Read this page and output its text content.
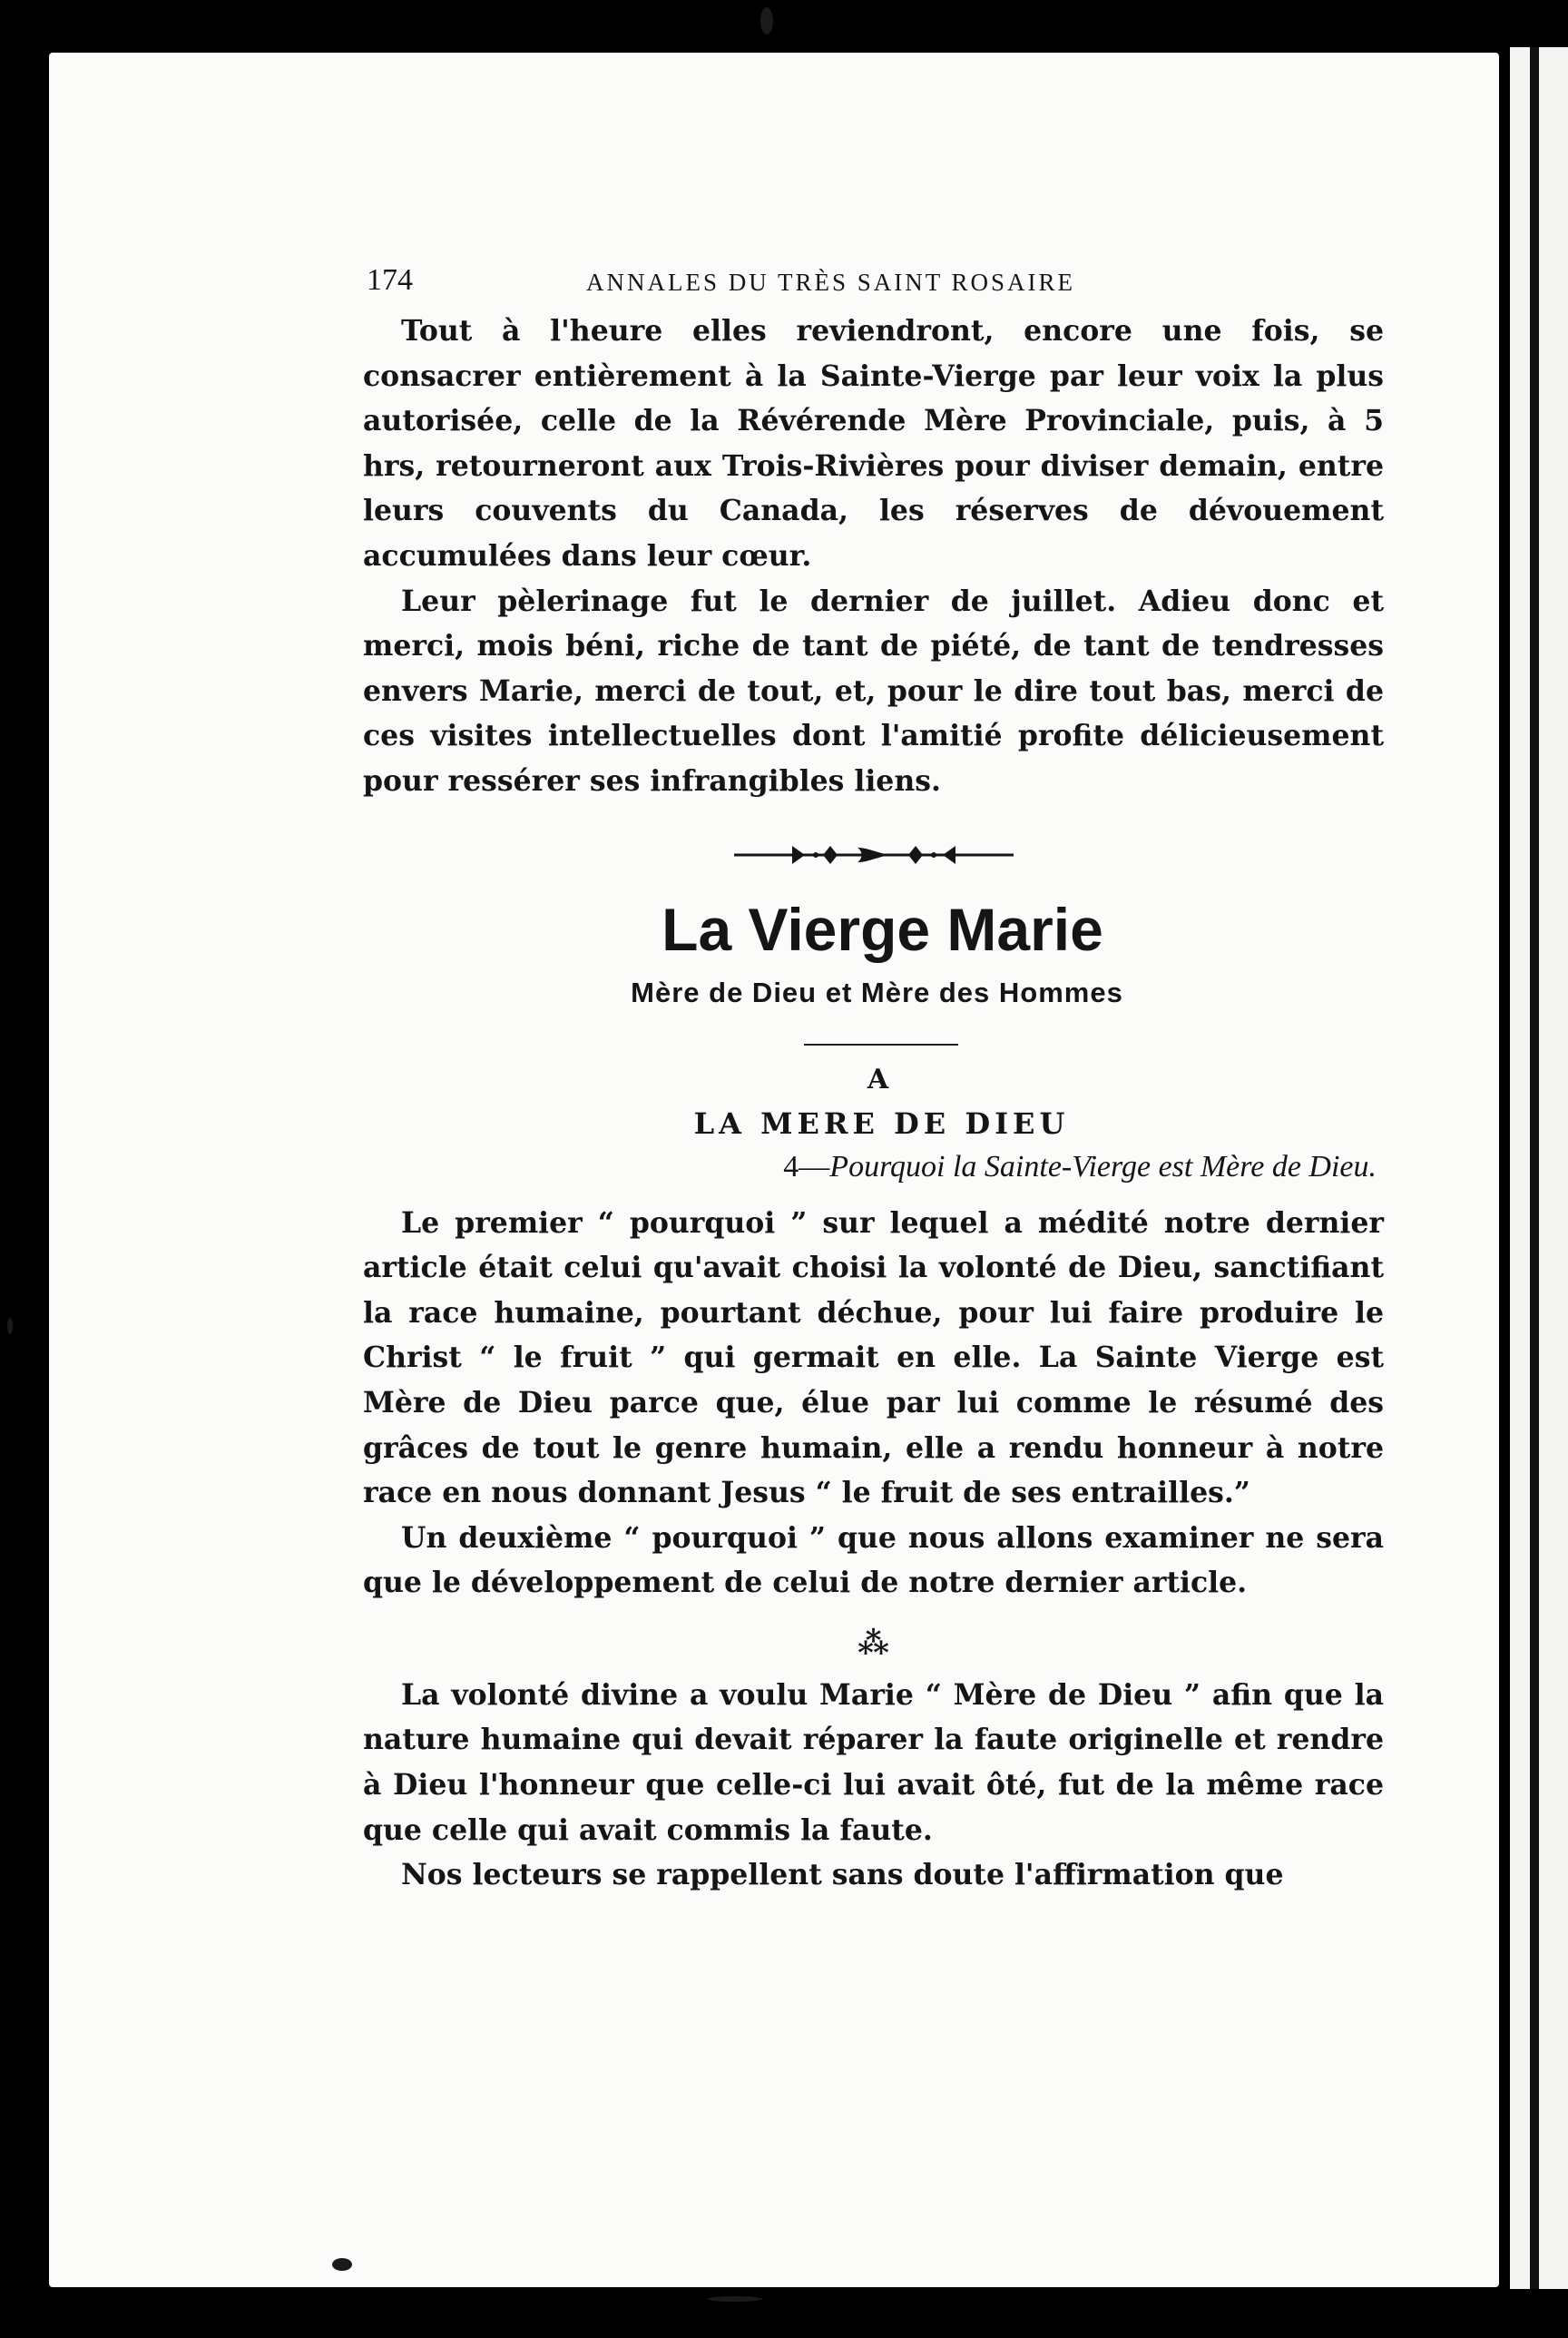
174	ANNALES DU TRÈS SAINT ROSAIRE

Tout à l'heure elles reviendront, encore une fois, se consacrer entièrement à la Sainte-Vierge par leur voix la plus autorisée, celle de la Révérende Mère Provinciale, puis, à 5 hrs, retourneront aux Trois-Rivières pour diviser demain, entre leurs couvents du Canada, les réserves de dévouement accumulées dans leur cœur.

Leur pèlerinage fut le dernier de juillet. Adieu donc et merci, mois béni, riche de tant de piété, de tant de tendresses envers Marie, merci de tout, et, pour le dire tout bas, merci de ces visites intellectuelles dont l'amitié profite délicieusement pour ressérer ses infrangibles liens.

La Vierge Marie
Mère de Dieu et Mère des Hommes
A
LA MERE DE DIEU
4—Pourquoi la Sainte-Vierge est Mère de Dieu.

Le premier “ pourquoi ” sur lequel a médité notre dernier article était celui qu'avait choisi la volonté de Dieu, sanctifiant la race humaine, pourtant déchue, pour lui faire produire le Christ “ le fruit ” qui germait en elle. La Sainte Vierge est Mère de Dieu parce que, élue par lui comme le résumé des grâces de tout le genre humain, elle a rendu honneur à notre race en nous donnant Jesus “ le fruit de ses entrailles.”

Un deuxième “ pourquoi ” que nous allons examiner ne sera que le développement de celui de notre dernier article.

⁂

La volonté divine a voulu Marie “ Mère de Dieu ” afin que la nature humaine qui devait réparer la faute originelle et rendre à Dieu l'honneur que celle-ci lui avait ôté, fut de la même race que celle qui avait commis la faute.

Nos lecteurs se rappellent sans doute l'affirmation que
